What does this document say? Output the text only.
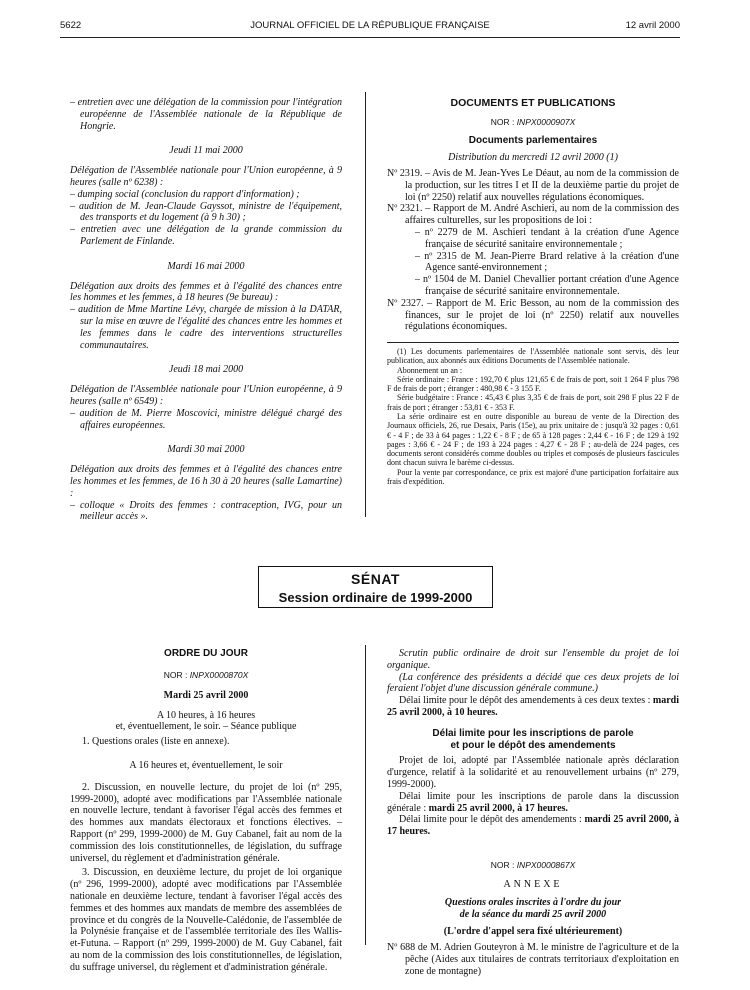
5622	JOURNAL OFFICIEL DE LA RÉPUBLIQUE FRANÇAISE	12 avril 2000

– entretien avec une délégation de la commission pour l'intégration européenne de l'Assemblée nationale de la République de Hongrie.

Jeudi 11 mai 2000

Délégation de l'Assemblée nationale pour l'Union européenne, à 9 heures (salle nº 6238) :

– dumping social (conclusion du rapport d'information) ;

– audition de M. Jean-Claude Gayssot, ministre de l'équipement, des transports et du logement (à 9 h 30) ;

– entretien avec une délégation de la grande commission du Parlement de Finlande.

Mardi 16 mai 2000

Délégation aux droits des femmes et à l'égalité des chances entre les hommes et les femmes, à 18 heures (9e bureau) :

– audition de Mme Martine Lévy, chargée de mission à la DATAR, sur la mise en œuvre de l'égalité des chances entre les hommes et les femmes dans le cadre des interventions structurelles communautaires.

Jeudi 18 mai 2000

Délégation de l'Assemblée nationale pour l'Union européenne, à 9 heures (salle nº 6549) :

– audition de M. Pierre Moscovici, ministre délégué chargé des affaires européennes.

Mardi 30 mai 2000

Délégation aux droits des femmes et à l'égalité des chances entre les hommes et les femmes, de 16 h 30 à 20 heures (salle Lamartine) :

– colloque « Droits des femmes : contraception, IVG, pour un meilleur accès ».

DOCUMENTS ET PUBLICATIONS

NOR : INPX0000907X

Documents parlementaires

Distribution du mercredi 12 avril 2000 (1)

Nº 2319. – Avis de M. Jean-Yves Le Déaut, au nom de la commission de la production, sur les titres I et II de la deuxième partie du projet de loi (nº 2250) relatif aux nouvelles régulations économiques.

Nº 2321. – Rapport de M. André Aschieri, au nom de la commission des affaires culturelles, sur les propositions de loi :

– nº 2279 de M. Aschieri tendant à la création d'une Agence française de sécurité sanitaire environnementale ;

– nº 2315 de M. Jean-Pierre Brard relative à la création d'une Agence santé-environnement ;

– nº 1504 de M. Daniel Chevallier portant création d'une Agence française de sécurité sanitaire environnementale.

Nº 2327. – Rapport de M. Eric Besson, au nom de la commission des finances, sur le projet de loi (nº 2250) relatif aux nouvelles régulations économiques.

(1) Les documents parlementaires de l'Assemblée nationale sont servis, dès leur publication, aux abonnés aux éditions Documents de l'Assemblée nationale.

Abonnement un an :

Série ordinaire : France : 192,70 € plus 121,65 € de frais de port, soit 1 264 F plus 798 F de frais de port ; étranger : 480,98 € - 3 155 F.

Série budgétaire : France : 45,43 € plus 3,35 € de frais de port, soit 298 F plus 22 F de frais de port ; étranger : 53,81 € - 353 F.

La série ordinaire est en outre disponible au bureau de vente de la Direction des Journaux officiels, 26, rue Desaix, Paris (15e), au prix unitaire de : jusqu'à 32 pages : 0,61 € - 4 F ; de 33 à 64 pages : 1,22 € - 8 F ; de 65 à 128 pages : 2,44 € - 16 F ; de 129 à 192 pages : 3,66 € - 24 F ; de 193 à 224 pages : 4,27 € - 28 F ; au-delà de 224 pages, ces documents seront considérés comme doubles ou triples et composés de plusieurs fascicules dont chacun suivra le barème ci-dessus.

Pour la vente par correspondance, ce prix est majoré d'une participation forfaitaire aux frais d'expédition.

SÉNAT

Session ordinaire de 1999-2000

ORDRE DU JOUR

NOR : INPX0000870X

Mardi 25 avril 2000

A 10 heures, à 16 heures

et, éventuellement, le soir. – Séance publique

1. Questions orales (liste en annexe).

A 16 heures et, éventuellement, le soir

2. Discussion, en nouvelle lecture, du projet de loi (nº 295, 1999-2000), adopté avec modifications par l'Assemblée nationale en nouvelle lecture, tendant à favoriser l'égal accès des femmes et des hommes aux mandats électoraux et fonctions électives. – Rapport (nº 299, 1999-2000) de M. Guy Cabanel, fait au nom de la commission des lois constitutionnelles, de législation, du suffrage universel, du règlement et d'administration générale.

3. Discussion, en deuxième lecture, du projet de loi organique (nº 296, 1999-2000), adopté avec modifications par l'Assemblée nationale en deuxième lecture, tendant à favoriser l'égal accès des femmes et des hommes aux mandats de membre des assemblées de province et du congrès de la Nouvelle-Calédonie, de l'assemblée de la Polynésie française et de l'assemblée territoriale des îles Wallis-et-Futuna. – Rapport (nº 299, 1999-2000) de M. Guy Cabanel, fait au nom de la commission des lois constitutionnelles, de législation, du suffrage universel, du règlement et d'administration générale.

Scrutin public ordinaire de droit sur l'ensemble du projet de loi organique.

(La conférence des présidents a décidé que ces deux projets de loi feraient l'objet d'une discussion générale commune.)

Délai limite pour le dépôt des amendements à ces deux textes : mardi 25 avril 2000, à 10 heures.

Délai limite pour les inscriptions de parole

et pour le dépôt des amendements

Projet de loi, adopté par l'Assemblée nationale après déclaration d'urgence, relatif à la solidarité et au renouvellement urbains (nº 279, 1999-2000).

Délai limite pour les inscriptions de parole dans la discussion générale : mardi 25 avril 2000, à 17 heures.

Délai limite pour le dépôt des amendements : mardi 25 avril 2000, à 17 heures.

NOR : INPX0000867X

ANNEXE

Questions orales inscrites à l'ordre du jour

de la séance du mardi 25 avril 2000

(L'ordre d'appel sera fixé ultérieurement)

Nº 688 de M. Adrien Gouteyron à M. le ministre de l'agriculture et de la pêche (Aides aux titulaires de contrats territoriaux d'exploitation en zone de montagne)
